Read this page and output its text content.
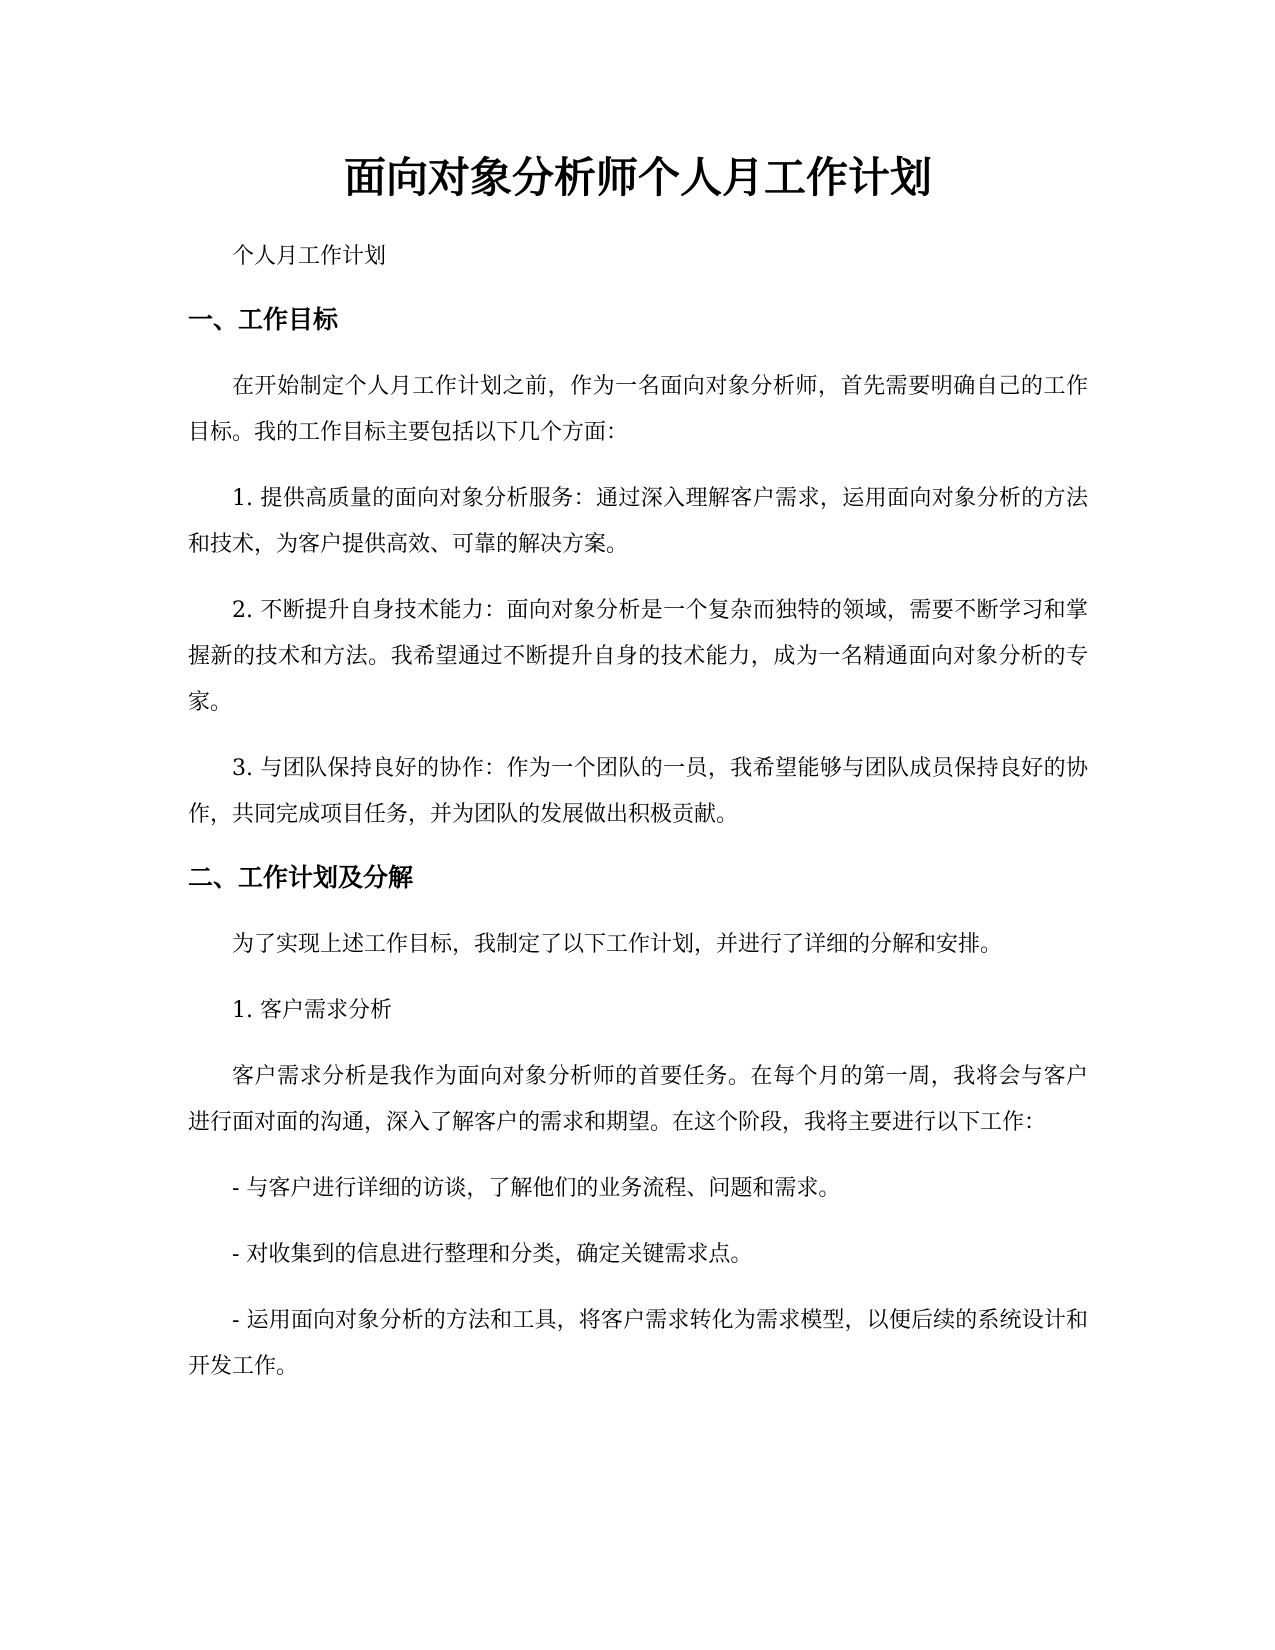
面向对象分析师个人月工作计划

个人月工作计划

一、工作目标

在开始制定个人月工作计划之前，作为一名面向对象分析师，首先需要明确自己的工作目标。我的工作目标主要包括以下几个方面：

1. 提供高质量的面向对象分析服务：通过深入理解客户需求，运用面向对象分析的方法和技术，为客户提供高效、可靠的解决方案。

2. 不断提升自身技术能力：面向对象分析是一个复杂而独特的领域，需要不断学习和掌握新的技术和方法。我希望通过不断提升自身的技术能力，成为一名精通面向对象分析的专家。

3. 与团队保持良好的协作：作为一个团队的一员，我希望能够与团队成员保持良好的协作，共同完成项目任务，并为团队的发展做出积极贡献。

二、工作计划及分解

为了实现上述工作目标，我制定了以下工作计划，并进行了详细的分解和安排。

1. 客户需求分析

客户需求分析是我作为面向对象分析师的首要任务。在每个月的第一周，我将会与客户进行面对面的沟通，深入了解客户的需求和期望。在这个阶段，我将主要进行以下工作：

- 与客户进行详细的访谈，了解他们的业务流程、问题和需求。

- 对收集到的信息进行整理和分类，确定关键需求点。

- 运用面向对象分析的方法和工具，将客户需求转化为需求模型，以便后续的系统设计和开发工作。
